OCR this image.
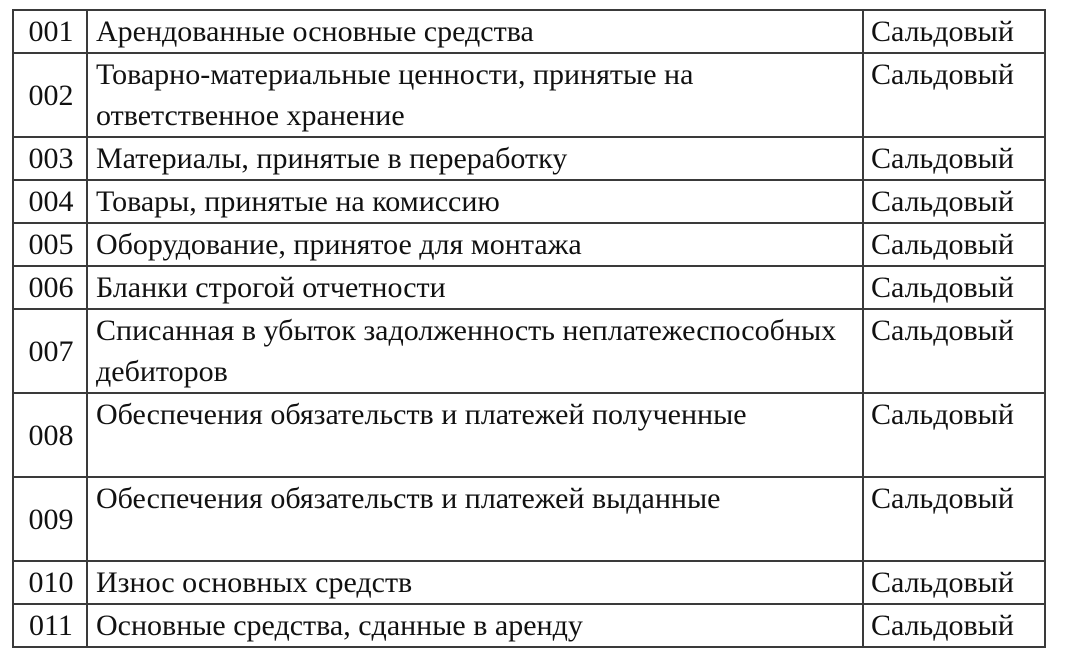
001	Арендованные основные средства	Сальдовый
002	Товарно-материальные ценности, принятые на ответственное хранение	Сальдовый
003	Материалы, принятые в переработку	Сальдовый
004	Товары, принятые на комиссию	Сальдовый
005	Оборудование, принятое для монтажа	Сальдовый
006	Бланки строгой отчетности	Сальдовый
007	Списанная в убыток задолженность неплатежеспособных дебиторов	Сальдовый
008	Обеспечения обязательств и платежей полученные	Сальдовый
009	Обеспечения обязательств и платежей выданные	Сальдовый
010	Износ основных средств	Сальдовый
011	Основные средства, сданные в аренду	Сальдовый
